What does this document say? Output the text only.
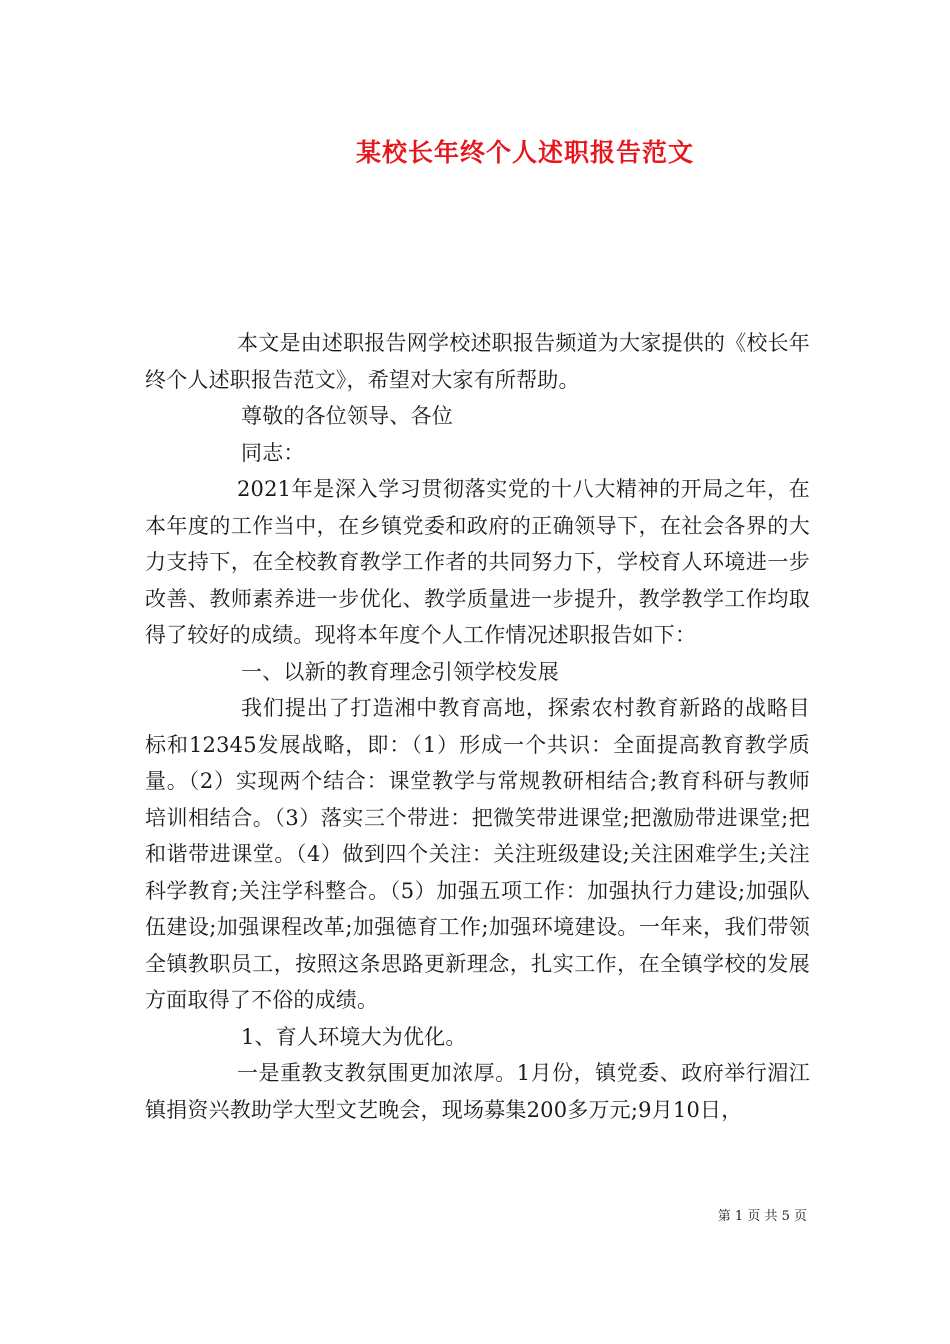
某校长年终个人述职报告范文

本文是由述职报告网学校述职报告频道为大家提供的《校长年终个人述职报告范文》，希望对大家有所帮助。

尊敬的各位领导、各位

同志：

2021年是深入学习贯彻落实党的十八大精神的开局之年，在本年度的工作当中，在乡镇党委和政府的正确领导下，在社会各界的大力支持下，在全校教育教学工作者的共同努力下，学校育人环境进一步改善、教师素养进一步优化、教学质量进一步提升，教学教学工作均取得了较好的成绩。现将本年度个人工作情况述职报告如下：

一、以新的教育理念引领学校发展

我们提出了打造湘中教育高地，探索农村教育新路的战略目标和12345发展战略，即：（1）形成一个共识：全面提高教育教学质量。（2）实现两个结合：课堂教学与常规教研相结合;教育科研与教师培训相结合。（3）落实三个带进：把微笑带进课堂;把激励带进课堂;把和谐带进课堂。（4）做到四个关注：关注班级建设;关注困难学生;关注科学教育;关注学科整合。（5）加强五项工作：加强执行力建设;加强队伍建设;加强课程改革;加强德育工作;加强环境建设。一年来，我们带领全镇教职员工，按照这条思路更新理念，扎实工作，在全镇学校的发展方面取得了不俗的成绩。

1、育人环境大为优化。

一是重教支教氛围更加浓厚。1月份，镇党委、政府举行湄江镇捐资兴教助学大型文艺晚会，现场募集200多万元;9月10日，

第 1 页 共 5 页
